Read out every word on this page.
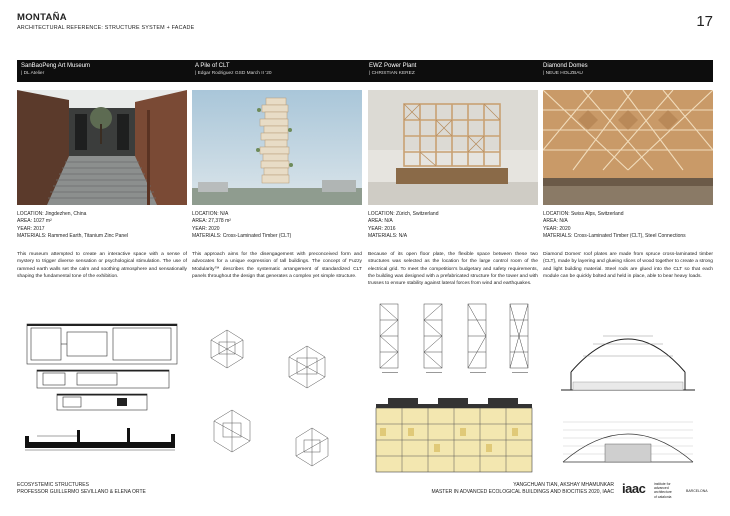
MONTAÑA
ARCHITECTURAL REFERENCE: STRUCTURE SYSTEM + FACADE	17
SanBaoPeng Art Museum
| DL Atelier
A Pile of CLT
| Edgar Rodriguez GSD March II '20
EWZ Power Plant
| CHRISTIAN KEREZ
Diamond Domes
| NEUE HOLZBAU
LOCATION: Jingdezhen, China
AREA: 1027 m²
YEAR: 2017
MATERIALS: Rammed Earth, Titanium Zinc Panel
LOCATION: N/A
AREA: 27,378 m²
YEAR: 2020
MATERIALS: Cross-Laminated Timber (CLT)
LOCATION: Zürich, Switzerland
AREA: N/A
YEAR: 2016
MATERIALS: N/A
LOCATION: Swiss Alps, Switzerland
AREA: N/A
YEAR: 2020
MATERIALS: Cross-Laminated Timber (CLT), Steel Connections
This museum attempted to create an interactive space with a sense of mystery to trigger diverse sensation or psychological stimulation. The use of rammed earth walls set the calm and soothing atmosphere and sensationally shaping the fundamental tone of the exhibition.
This approach aims for the disengagement with preconceived form and advocates for a unique expression of tall buildings. The concept of Fuzzy Modularity™ describes the systematic arrangement of standardized CLT panels throughout the design that generates a complex yet simple structure.
Because of its open floor plate, the flexible space between these two structures was selected as the location for the large control room of the electrical grid. To meet the competition's budgetary and safety requirements, the building was designed with a prefabricated structure for the tower and with trusses to ensure stability against lateral forces from wind and earthquakes.
Diamond Domes' roof plates are made from spruce cross-laminated timber (CLT), made by layering and glueing slices of wood together to create a strong and light building material. Steel rods are glued into the CLT so that each module can be quickly bolted and held in place, able to bear heavy loads.
ECOSYSTEMIC STRUCTURES
PROFESSOR GUILLERMO SEVILLANO & ELENA ORTE
YANGCHUAN TIAN, AKSHAY MHAMUNKAR
MASTER IN ADVANCED ECOLOGICAL BUILDINGS AND BIOCITIES 2020, IAAC iaac	institute for
advanced
architecture
of catalonia
BARCELONA
